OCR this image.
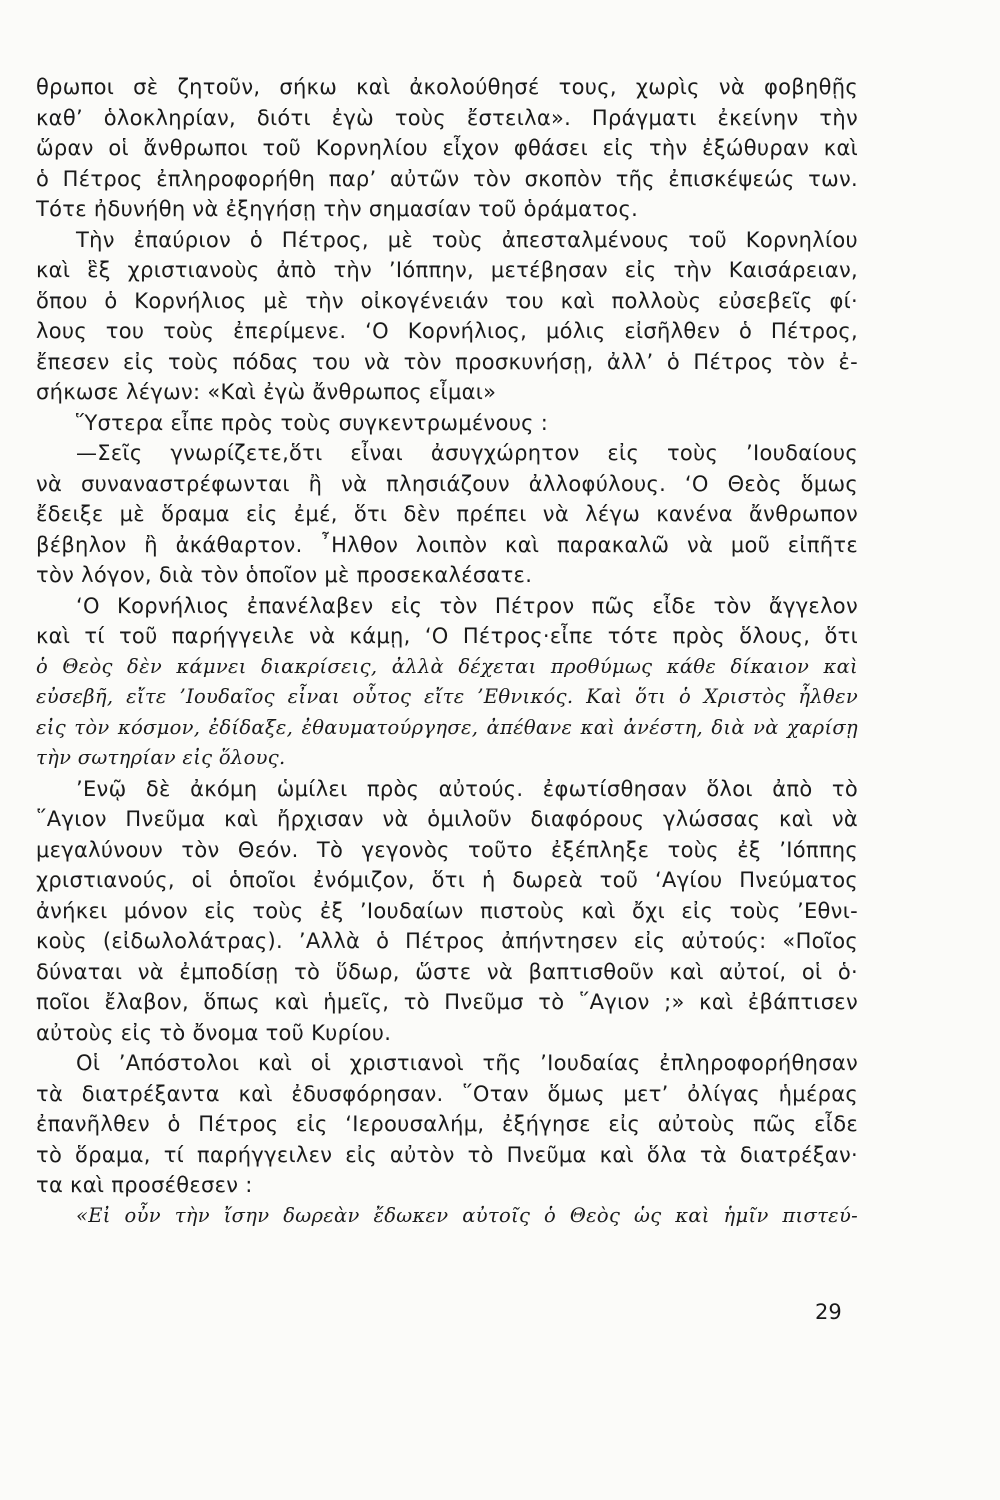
θρωποι σὲ ζητοῦν, σήκω καὶ ἀκολούθησέ τους, χωρὶς νὰ φοβηθῇς
καθ’ ὁλοκληρίαν, διότι ἐγὼ τοὺς ἔστειλα». Πράγματι ἐκείνην τὴν
ὥραν οἱ ἄνθρωποι τοῦ Κορνηλίου εἶχον φθάσει εἰς τὴν ἐξώθυραν καὶ
ὁ Πέτρος ἐπληροφορήθη παρ’ αὐτῶν τὸν σκοπὸν τῆς ἐπισκέψεώς των.
Τότε ἠδυνήθη νὰ ἐξηγήσῃ τὴν σημασίαν τοῦ ὁράματος.
Τὴν ἐπαύριον ὁ Πέτρος, μὲ τοὺς ἀπεσταλμένους τοῦ Κορνηλίου
καὶ ἓξ χριστιανοὺς ἀπὸ τὴν ’Ιόππην, μετέβησαν εἰς τὴν Καισάρειαν,
ὅπου ὁ Κορνήλιος μὲ τὴν οἰκογένειάν του καὶ πολλοὺς εὐσεβεῖς φί·
λους του τοὺς ἐπερίμενε. ‘Ο Κορνήλιος, μόλις εἰσῆλθεν ὁ Πέτρος,
ἔπεσεν εἰς τοὺς πόδας του νὰ τὸν προσκυνήσῃ, ἀλλ’ ὁ Πέτρος τὸν ἐ-
σήκωσε λέγων: «Καὶ ἐγὼ ἄνθρωπος εἶμαι»
Ὕστερα εἶπε πρὸς τοὺς συγκεντρωμένους :
—Σεῖς γνωρίζετε,ὅτι εἶναι ἀσυγχώρητον εἰς τοὺς ’Ιουδαίους
νὰ συναναστρέφωνται ἢ νὰ πλησιάζουν ἀλλοφύλους. ‘Ο Θεὸς ὅμως
ἔδειξε μὲ ὅραμα εἰς ἐμέ, ὅτι δὲν πρέπει νὰ λέγω κανένα ἄνθρωπον
βέβηλον ἢ ἀκάθαρτον. ῏Ηλθον λοιπὸν καὶ παρακαλῶ νὰ μοῦ εἰπῆτε
τὸν λόγον, διὰ τὸν ὁποῖον μὲ προσεκαλέσατε.
‘Ο Κορνήλιος ἐπανέλαβεν εἰς τὸν Πέτρον πῶς εἶδε τὸν ἄγγελον
καὶ τί τοῦ παρήγγειλε νὰ κάμῃ, ‘Ο Πέτρος·εἶπε τότε πρὸς ὅλους, ὅτι
ὁ Θεὸς δὲν κάμνει διακρίσεις, ἀλλὰ δέχεται προθύμως κάθε δίκαιον καὶ
εὐσεβῆ, εἴτε ’Ιουδαῖος εἶναι οὗτος εἴτε ’Εθνικός. Καὶ ὅτι ὁ Χριστὸς ἦλθεν
εἰς τὸν κόσμον, ἐδίδαξε, ἐθαυματούργησε, ἀπέθανε καὶ ἀνέστη, διὰ νὰ χαρίσῃ
τὴν σωτηρίαν εἰς ὅλους.
’Ενῷ δὲ ἀκόμη ὡμίλει πρὸς αὐτούς. ἐφωτίσθησαν ὅλοι ἀπὸ τὸ
῞Αγιον Πνεῦμα καὶ ἤρχισαν νὰ ὁμιλοῦν διαφόρους γλώσσας καὶ νὰ
μεγαλύνουν τὸν Θεόν. Τὸ γεγονὸς τοῦτο ἐξέπληξε τοὺς ἐξ ’Ιόππης
χριστιανούς, οἱ ὁποῖοι ἐνόμιζον, ὅτι ἡ δωρεὰ τοῦ ‘Αγίου Πνεύματος
ἀνήκει μόνον εἰς τοὺς ἐξ ’Ιουδαίων πιστοὺς καὶ ὄχι εἰς τοὺς ’Εθνι-
κοὺς (εἰδωλολάτρας). ’Αλλὰ ὁ Πέτρος ἀπήντησεν εἰς αὐτούς: «Ποῖος
δύναται νὰ ἐμποδίσῃ τὸ ὕδωρ, ὥστε νὰ βαπτισθοῦν καὶ αὐτοί, οἱ ὁ·
ποῖοι ἔλαβον, ὅπως καὶ ἡμεῖς, τὸ Πνεῦμσ τὸ ῞Αγιον ;» καὶ ἐβάπτισεν
αὐτοὺς εἰς τὸ ὄνομα τοῦ Κυρίου.
Οἱ ’Απόστολοι καὶ οἱ χριστιανοὶ τῆς ’Ιουδαίας ἐπληροφορήθησαν
τὰ διατρέξαντα καὶ ἐδυσφόρησαν. ῞Οταν ὅμως μετ’ ὀλίγας ἡμέρας
ἐπανῆλθεν ὁ Πέτρος εἰς ‘Ιερουσαλήμ, ἐξήγησε εἰς αὐτοὺς πῶς εἶδε
τὸ ὅραμα, τί παρήγγειλεν εἰς αὐτὸν τὸ Πνεῦμα καὶ ὅλα τὰ διατρέξαν·
τα καὶ προσέθεσεν :
«Εἰ οὖν τὴν ἴσην δωρεὰν ἔδωκεν αὐτοῖς ὁ Θεὸς ὡς καὶ ἡμῖν πιστεύ-
29
